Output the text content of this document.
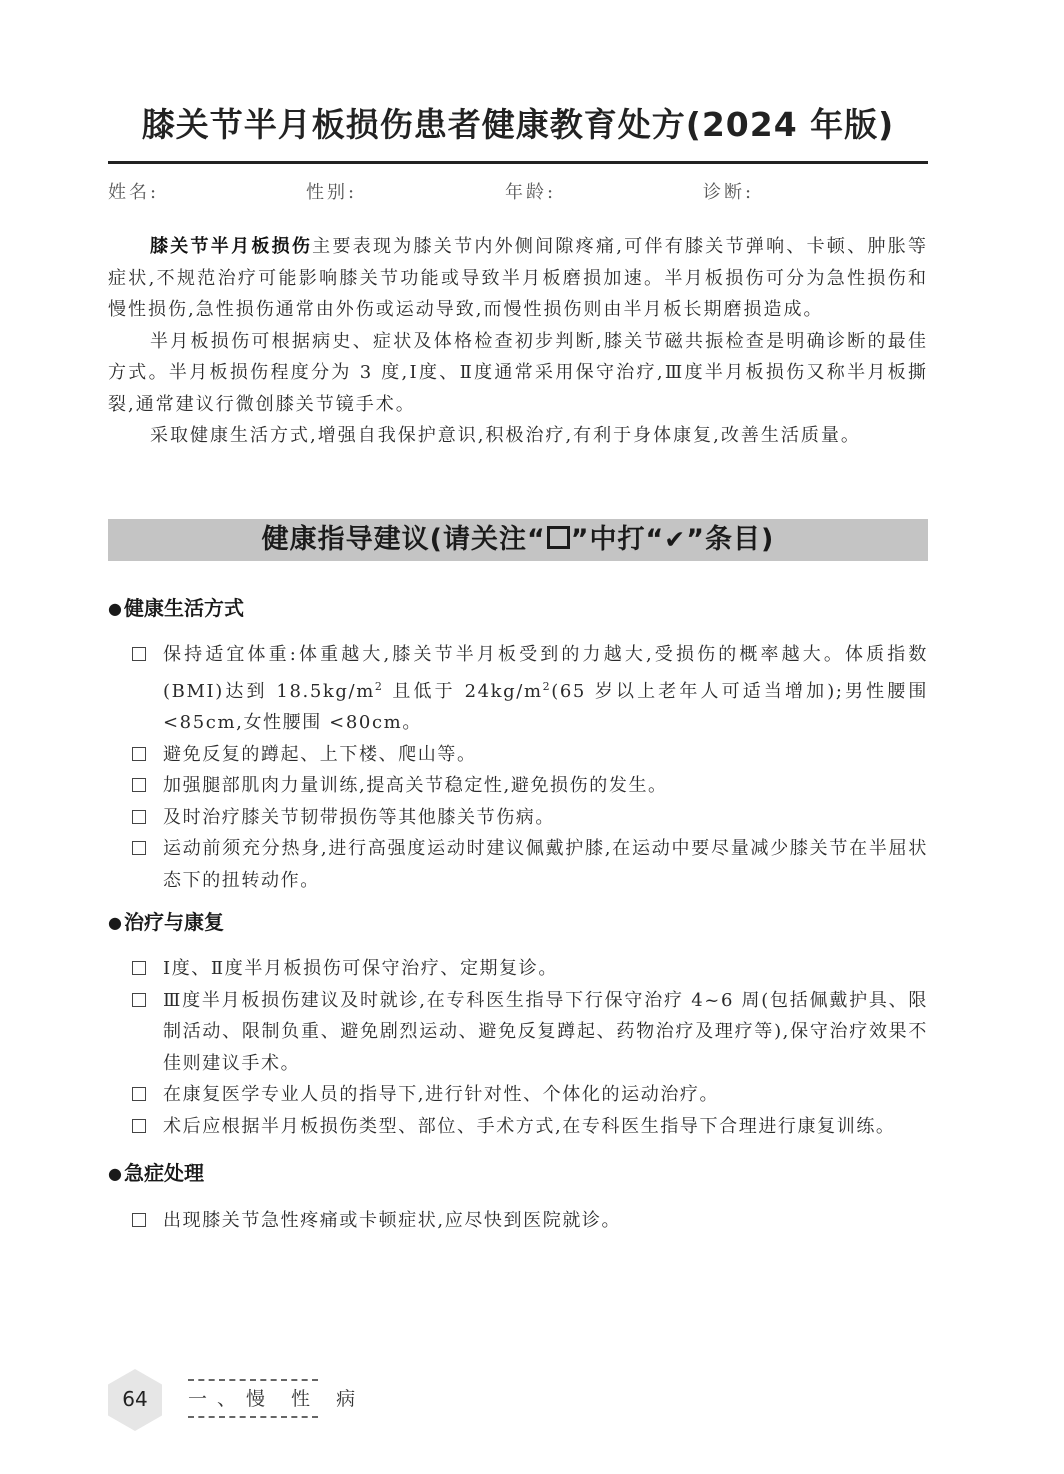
膝关节半月板损伤患者健康教育处方(2024 年版)
姓名:	性别:	年龄:	诊断:

膝关节半月板损伤主要表现为膝关节内外侧间隙疼痛,可伴有膝关节弹响、卡顿、肿胀等症状,不规范治疗可能影响膝关节功能或导致半月板磨损加速。半月板损伤可分为急性损伤和慢性损伤,急性损伤通常由外伤或运动导致,而慢性损伤则由半月板长期磨损造成。

半月板损伤可根据病史、症状及体格检查初步判断,膝关节磁共振检查是明确诊断的最佳方式。半月板损伤程度分为 3 度,Ⅰ度、Ⅱ度通常采用保守治疗,Ⅲ度半月板损伤又称半月板撕裂,通常建议行微创膝关节镜手术。

采取健康生活方式,增强自我保护意识,积极治疗,有利于身体康复,改善生活质量。

健康指导建议(请关注“ ”中打“✔”条目)
● 健康生活方式
保持适宜体重:体重越大,膝关节半月板受到的力越大,受损伤的概率越大。体质指数(BMI)达到 $18.5kg/m^2$ 且低于 $24kg/m^2(65$ 岁以上老年人可适当增加);男性腰围 <85cm,女性腰围 <80cm。
避免反复的蹲起、上下楼、爬山等。
加强腿部肌肉力量训练,提高关节稳定性,避免损伤的发生。
及时治疗膝关节韧带损伤等其他膝关节伤病。
运动前须充分热身,进行高强度运动时建议佩戴护膝,在运动中要尽量减少膝关节在半屈状态下的扭转动作。
● 治疗与康复
Ⅰ度、Ⅱ度半月板损伤可保守治疗、定期复诊。
Ⅲ度半月板损伤建议及时就诊,在专科医生指导下行保守治疗 4~6 周(包括佩戴护具、限制活动、限制负重、避免剧烈运动、避免反复蹲起、药物治疗及理疗等),保守治疗效果不佳则建议手术。
在康复医学专业人员的指导下,进行针对性、个体化的运动治疗。
术后应根据半月板损伤类型、部位、手术方式,在专科医生指导下合理进行康复训练。
● 急症处理
出现膝关节急性疼痛或卡顿症状,应尽快到医院就诊。
64	一、慢 性 病
